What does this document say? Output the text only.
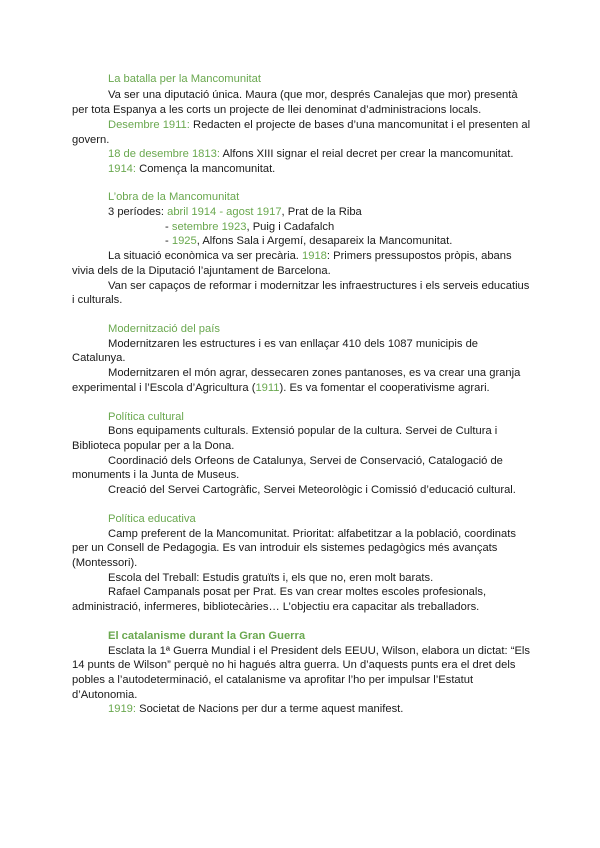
La batalla per la Mancomunitat
Va ser una diputació única. Maura (que mor, després Canalejas que mor) presentà
per tota Espanya a les corts un projecte de llei denominat d’administracions locals.
Desembre 1911: Redacten el projecte de bases d’una mancomunitat i el presenten al
govern.
18 de desembre 1813: Alfons XIII signar el reial decret per crear la mancomunitat.
1914: Comença la mancomunitat.
L’obra de la Mancomunitat
3 períodes: abril 1914 - agost 1917, Prat de la Riba
- setembre 1923, Puig i Cadafalch
- 1925, Alfons Sala i Argemí, desapareix la Mancomunitat.
La situació econòmica va ser precària. 1918: Primers pressupostos pròpis, abans
vivia dels de la Diputació l’ajuntament de Barcelona.
Van ser capaços de reformar i modernitzar les infraestructures i els serveis educatius
i culturals.
Modernització del país
Modernitzaren les estructures i es van enllaçar 410 dels 1087 municipis de
Catalunya.
Modernitzaren el món agrar, dessecaren zones pantanoses, es va crear una granja
experimental i l’Escola d’Agricultura (1911). Es va fomentar el cooperativisme agrari.
Política cultural
Bons equipaments culturals. Extensió popular de la cultura. Servei de Cultura i
Biblioteca popular per a la Dona.
Coordinació dels Orfeons de Catalunya, Servei de Conservació, Catalogació de
monuments i la Junta de Museus.
Creació del Servei Cartogràfic, Servei Meteorològic i Comissió d’educació cultural.
Política educativa
Camp preferent de la Mancomunitat. Prioritat: alfabetitzar a la població, coordinats
per un Consell de Pedagogia. Es van introduir els sistemes pedagògics més avançats
(Montessori).
Escola del Treball: Estudis gratuïts i, els que no, eren molt barats.
Rafael Campanals posat per Prat. Es van crear moltes escoles profesionals,
administració, infermeres, bibliotecàries… L’objectiu era capacitar als treballadors.
El catalanisme durant la Gran Guerra
Esclata la 1ª Guerra Mundial i el President dels EEUU, Wilson, elabora un dictat: “Els
14 punts de Wilson” perquè no hi hagués altra guerra. Un d’aquests punts era el dret dels
pobles a l’autodeterminació, el catalanisme va aprofitar l’ho per impulsar l’Estatut
d’Autonomia.
1919: Societat de Nacions per dur a terme aquest manifest.
